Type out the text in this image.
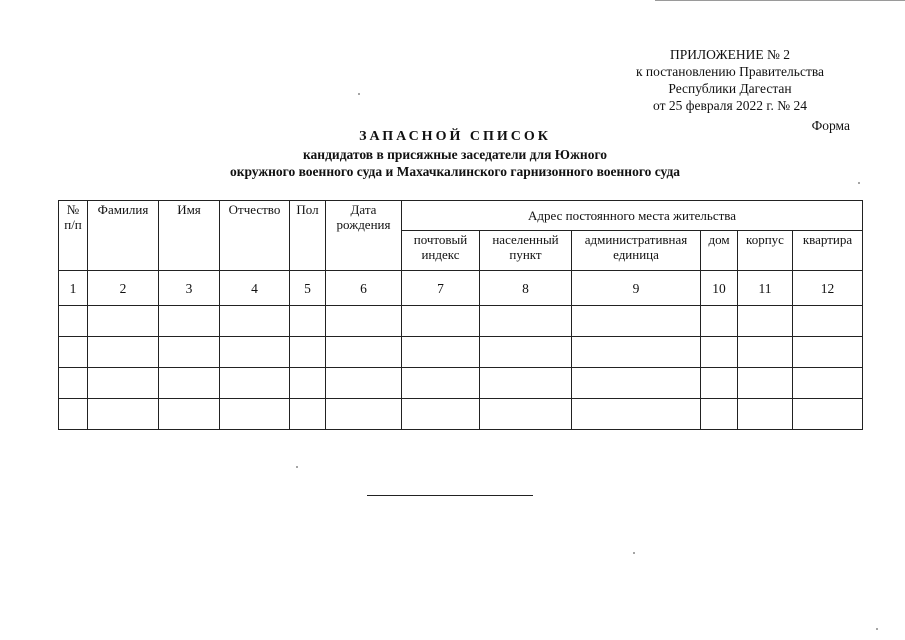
ПРИЛОЖЕНИЕ № 2
к постановлению Правительства
Республики Дагестан
от 25 февраля 2022 г. № 24
Форма
ЗАПАСНОЙ СПИСОК
кандидатов в присяжные заседатели для Южного
окружного военного суда и Махачкалинского гарнизонного военного суда
№ п/п	Фамилия	Имя	Отчество	Пол	Дата рождения	Адрес постоянного места жительства					
						почтовый индекс	населенный пункт	административная единица	дом	корпус	квартира
1	2	3	4	5	6	7	8	9	10	11	12
